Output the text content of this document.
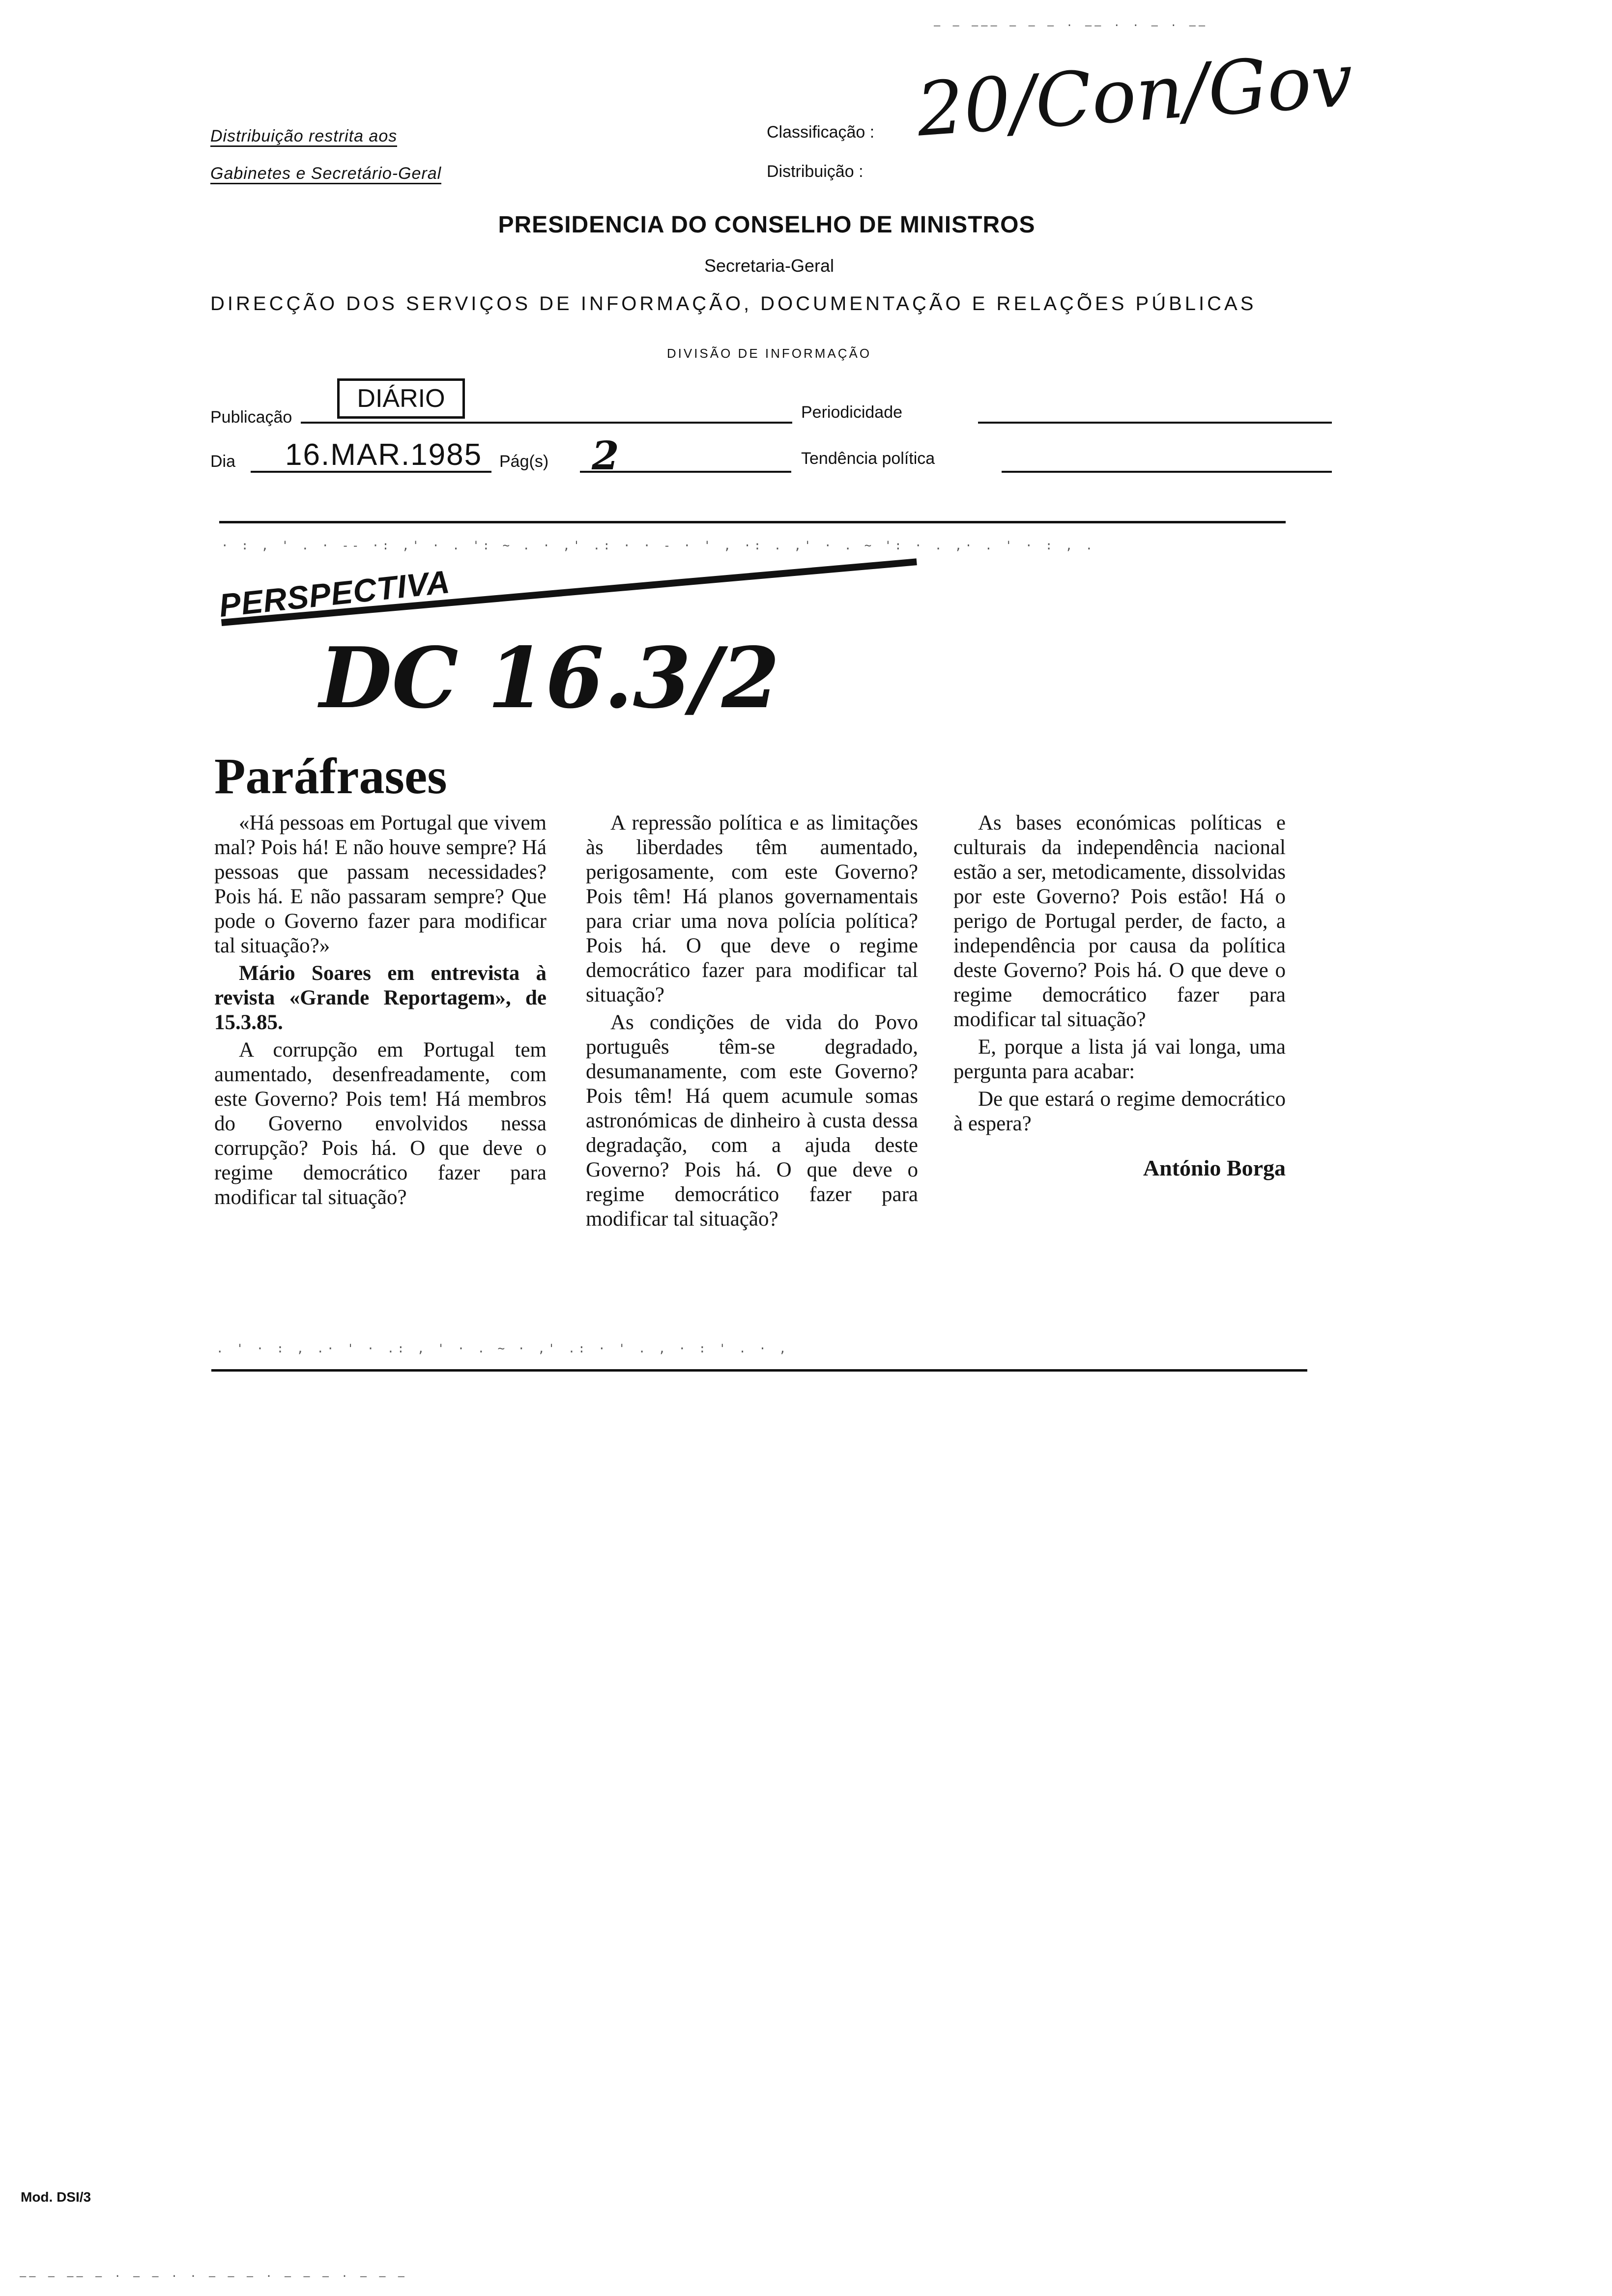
Distribuição restrita aos
Gabinetes e Secretário-Geral
Classificação :
Distribuição :
20/Con/Gov
PRESIDENCIA DO CONSELHO DE MINISTROS
Secretaria-Geral
DIRECÇÃO DOS SERVIÇOS DE INFORMAÇÃO, DOCUMENTAÇÃO E RELAÇÕES PÚBLICAS
DIVISÃO DE INFORMAÇÃO
Publicação
DIÁRIO	Periodicidade
Dia 16.MAR.1985 Pág(s) 2	Tendência política
· : , ' . · -- ·: ,' · . ': ~ . · ,' .: · · - · ' , ·: . ,' · . ~ ': · . ,· . ' · : , .
PERSPECTIVA
DC 16.3/2
Paráfrases

«Há pessoas em Portugal que vivem mal? Pois há! E não houve sempre? Há pessoas que passam necessidades? Pois há. E não passaram sempre? Que pode o Governo fazer para modificar tal situação?»

Mário Soares em entrevista à revista «Grande Reportagem», de 15.3.85.

A corrupção em Portugal tem aumentado, desenfreadamente, com este Governo? Pois tem! Há membros do Governo envolvidos nessa corrupção? Pois há. O que deve o regime democrático fazer para modificar tal situação?

A repressão política e as limitações às liberdades têm aumentado, perigosamente, com este Governo? Pois têm! Há planos governamentais para criar uma nova polícia política? Pois há. O que deve o regime democrático fazer para modificar tal situação?

As condições de vida do Povo português têm-se degradado, desumanamente, com este Governo? Pois têm! Há quem acumule somas astronómicas de dinheiro à custa dessa degradação, com a ajuda deste Governo? Pois há. O que deve o regime democrático fazer para modificar tal situação?

As bases económicas políticas e culturais da independência nacional estão a ser, metodicamente, dissolvidas por este Governo? Pois estão! Há o perigo de Portugal perder, de facto, a independência por causa da política deste Governo? Pois há. O que deve o regime democrático fazer para modificar tal situação?

E, porque a lista já vai longa, uma pergunta para acabar:

De que estará o regime democrático à espera?

António Borga
. ' · : , .· ' · .: , ' · . ~ · ,' .: · ' . , · : ' . · ,
Mod. DSI/3
— — ——— ‒ ‒ — · ‒— · · ‒ · ——
—— ‒ —— ‒ · — ‒ · · ‒ ‒ — · ‒ ‒ — · ‒ ‒ —
